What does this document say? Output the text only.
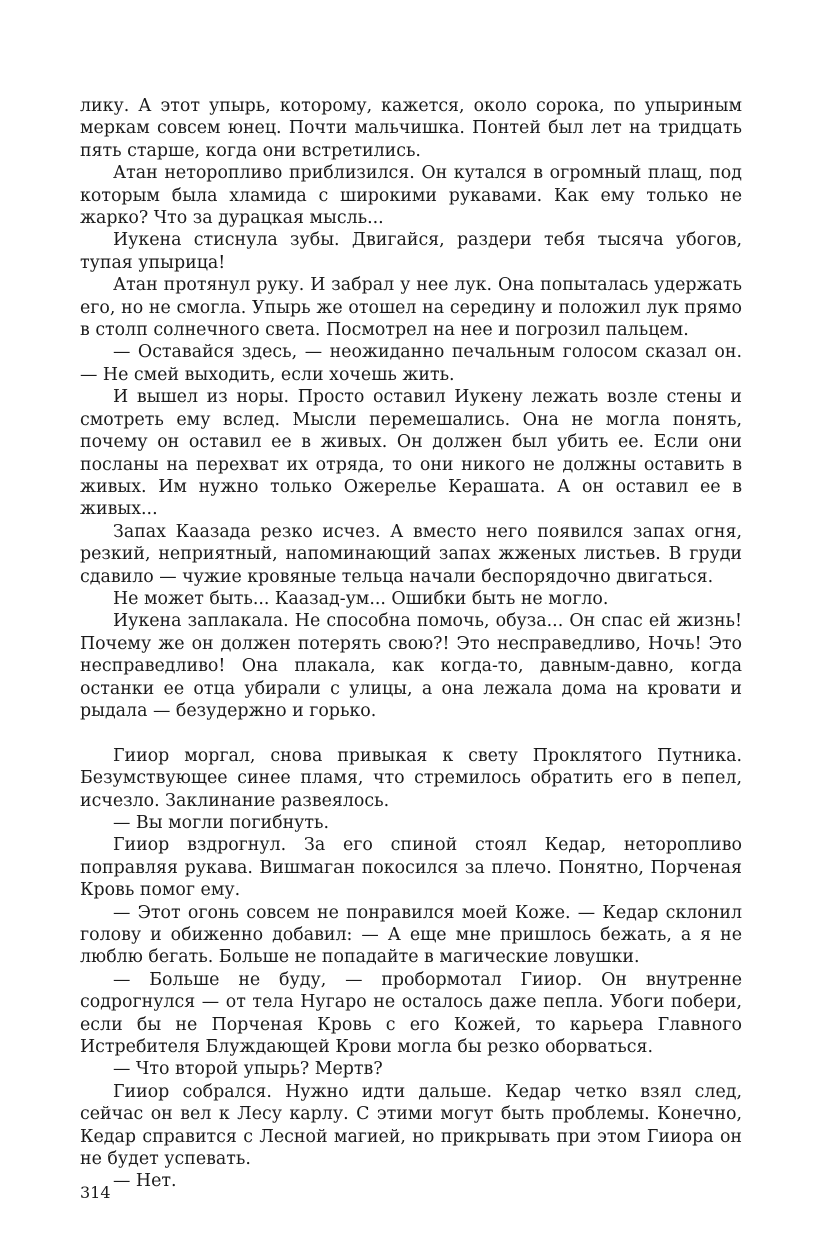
лику. А этот упырь, которому, кажется, около сорока, по упыриным меркам совсем юнец. Почти мальчишка. Понтей был лет на тридцать пять старше, когда они встретились.

Атан неторопливо приблизился. Он кутался в огромный плащ, под которым была хламида с широкими рукавами. Как ему только не жарко? Что за дурацкая мысль...

Иукена стиснула зубы. Двигайся, раздери тебя тысяча убогов, тупая упырица!

Атан протянул руку. И забрал у нее лук. Она попыталась удержать его, но не смогла. Упырь же отошел на середину и положил лук прямо в столп солнечного света. Посмотрел на нее и погрозил пальцем.

— Оставайся здесь, — неожиданно печальным голосом сказал он. — Не смей выходить, если хочешь жить.

И вышел из норы. Просто оставил Иукену лежать возле стены и смотреть ему вслед. Мысли перемешались. Она не могла понять, почему он оставил ее в живых. Он должен был убить ее. Если они посланы на перехват их отряда, то они никого не должны оставить в живых. Им нужно только Ожерелье Керашата. А он оставил ее в живых...

Запах Каазада резко исчез. А вместо него появился запах огня, резкий, неприятный, напоминающий запах жженых листьев. В груди сдавило — чужие кровяные тельца начали беспорядочно двигаться.

Не может быть... Каазад-ум... Ошибки быть не могло.

Иукена заплакала. Не способна помочь, обуза... Он спас ей жизнь! Почему же он должен потерять свою?! Это несправедливо, Ночь! Это несправедливо! Она плакала, как когда-то, давным-давно, когда останки ее отца убирали с улицы, а она лежала дома на кровати и рыдала — безудержно и горько.

Гииор моргал, снова привыкая к свету Проклятого Путника. Безумствующее синее пламя, что стремилось обратить его в пепел, исчезло. Заклинание развеялось.

— Вы могли погибнуть.

Гииор вздрогнул. За его спиной стоял Кедар, неторопливо поправляя рукава. Вишмаган покосился за плечо. Понятно, Порченая Кровь помог ему.

— Этот огонь совсем не понравился моей Коже. — Кедар склонил голову и обиженно добавил: — А еще мне пришлось бежать, а я не люблю бегать. Больше не попадайте в магические ловушки.

— Больше не буду, — пробормотал Гииор. Он внутренне содрогнулся — от тела Нугаро не осталось даже пепла. Убоги побери, если бы не Порченая Кровь с его Кожей, то карьера Главного Истребителя Блуждающей Крови могла бы резко оборваться.

— Что второй упырь? Мертв?

Гииор собрался. Нужно идти дальше. Кедар четко взял след, сейчас он вел к Лесу карлу. С этими могут быть проблемы. Конечно, Кедар справится с Лесной магией, но прикрывать при этом Гииора он не будет успевать.

— Нет.

314
